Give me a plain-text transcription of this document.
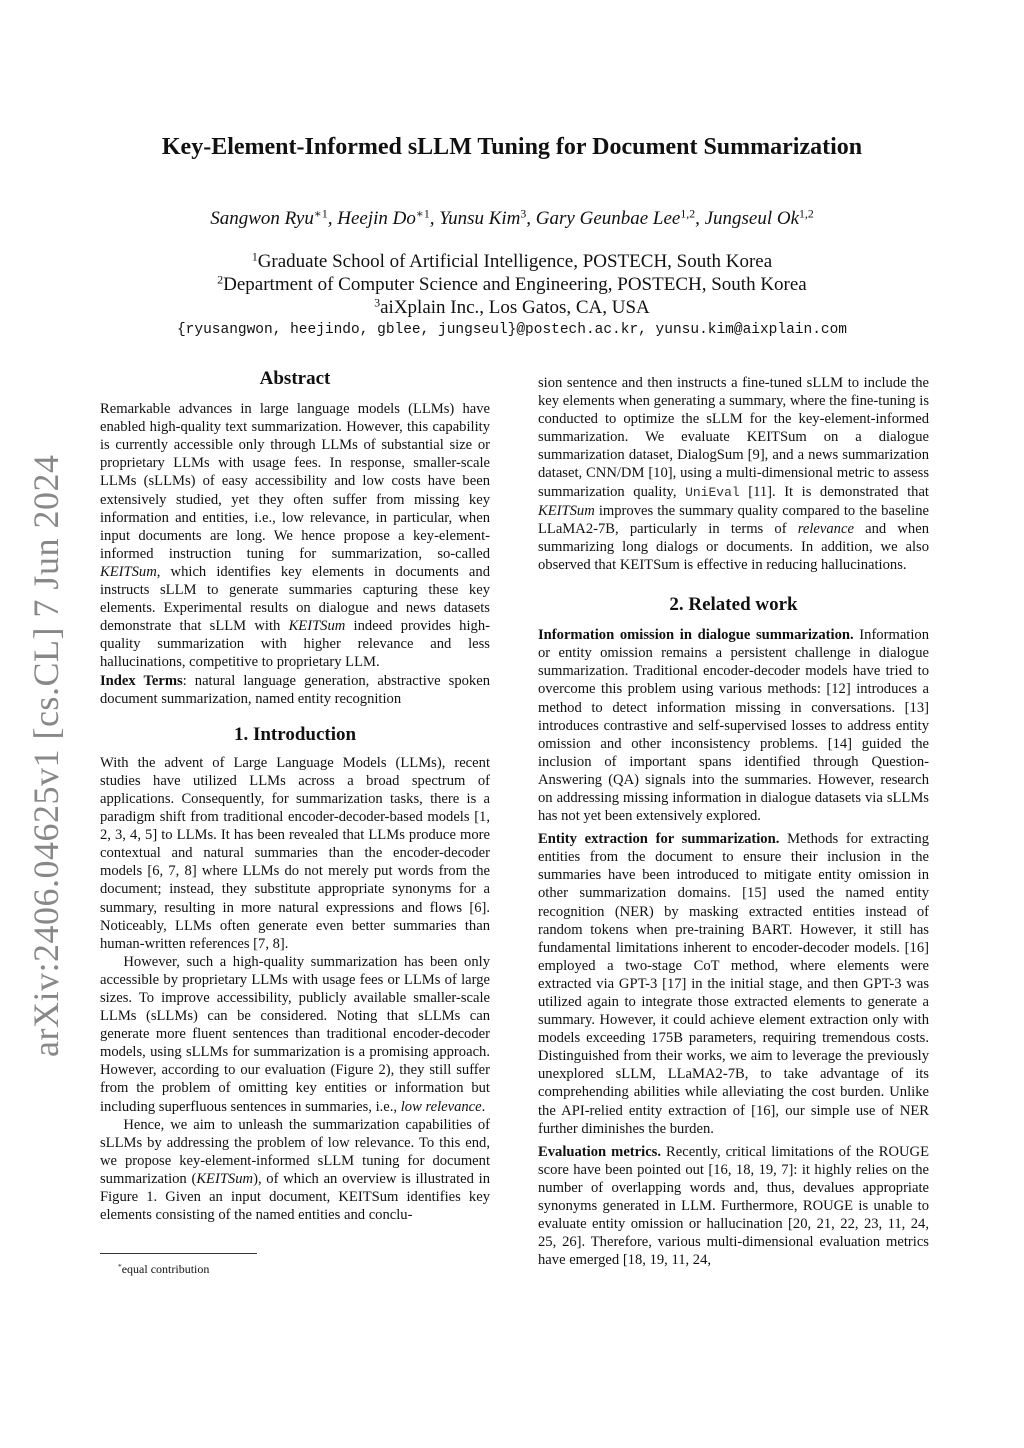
arXiv:2406.04625v1 [cs.CL] 7 Jun 2024
Key-Element-Informed sLLM Tuning for Document Summarization
Sangwon Ryu$^{∗1}$, Heejin $Do^{∗1}$, Yunsu Kim$^3$, Gary Geunbae Lee$^{1,2}$, Jungseul Ok$^{1,2}$
$^1$Graduate School of Artificial Intelligence, POSTECH, South Korea
$^2$Department of Computer Science and Engineering, POSTECH, South Korea
$^3$aiXplain Inc., Los Gatos, CA, USA
{ryusangwon, heejindo, gblee, jungseul}@postech.ac.kr, yunsu.kim@aixplain.com
Abstract

Remarkable advances in large language models (LLMs) have enabled high-quality text summarization. However, this capability is currently accessible only through LLMs of substantial size or proprietary LLMs with usage fees. In response, smaller-scale LLMs (sLLMs) of easy accessibility and low costs have been extensively studied, yet they often suffer from missing key information and entities, i.e., low relevance, in particular, when input documents are long. We hence propose a key-element-informed instruction tuning for summarization, so-called KEITSum, which identifies key elements in documents and instructs sLLM to generate summaries capturing these key elements. Experimental results on dialogue and news datasets demonstrate that sLLM with KEITSum indeed provides high-quality summarization with higher relevance and less hallucinations, competitive to proprietary LLM.

Index Terms: natural language generation, abstractive spoken document summarization, named entity recognition

1. Introduction

With the advent of Large Language Models (LLMs), recent studies have utilized LLMs across a broad spectrum of applications. Consequently, for summarization tasks, there is a paradigm shift from traditional encoder-decoder-based models [1, 2, 3, 4, 5] to LLMs. It has been revealed that LLMs produce more contextual and natural summaries than the encoder-decoder models [6, 7, 8] where LLMs do not merely put words from the document; instead, they substitute appropriate synonyms for a summary, resulting in more natural expressions and flows [6]. Noticeably, LLMs often generate even better summaries than human-written references [7, 8].

However, such a high-quality summarization has been only accessible by proprietary LLMs with usage fees or LLMs of large sizes. To improve accessibility, publicly available smaller-scale LLMs (sLLMs) can be considered. Noting that sLLMs can generate more fluent sentences than traditional encoder-decoder models, using sLLMs for summarization is a promising approach. However, according to our evaluation (Figure 2), they still suffer from the problem of omitting key entities or information but including superfluous sentences in summaries, i.e., low relevance.

Hence, we aim to unleash the summarization capabilities of sLLMs by addressing the problem of low relevance. To this end, we propose key-element-informed sLLM tuning for document summarization (KEITSum), of which an overview is illustrated in Figure 1. Given an input document, KEITSum identifies key elements consisting of the named entities and conclu-

*equal contribution

sion sentence and then instructs a fine-tuned sLLM to include the key elements when generating a summary, where the fine-tuning is conducted to optimize the sLLM for the key-element-informed summarization. We evaluate KEITSum on a dialogue summarization dataset, DialogSum [9], and a news summarization dataset, CNN/DM [10], using a multi-dimensional metric to assess summarization quality, UniEval [11]. It is demonstrated that KEITSum improves the summary quality compared to the baseline LLaMA2-7B, particularly in terms of relevance and when summarizing long dialogs or documents. In addition, we also observed that KEITSum is effective in reducing hallucinations.

2. Related work

Information omission in dialogue summarization. Information or entity omission remains a persistent challenge in dialogue summarization. Traditional encoder-decoder models have tried to overcome this problem using various methods: [12] introduces a method to detect information missing in conversations. [13] introduces contrastive and self-supervised losses to address entity omission and other inconsistency problems. [14] guided the inclusion of important spans identified through Question-Answering (QA) signals into the summaries. However, research on addressing missing information in dialogue datasets via sLLMs has not yet been extensively explored.

Entity extraction for summarization. Methods for extracting entities from the document to ensure their inclusion in the summaries have been introduced to mitigate entity omission in other summarization domains. [15] used the named entity recognition (NER) by masking extracted entities instead of random tokens when pre-training BART. However, it still has fundamental limitations inherent to encoder-decoder models. [16] employed a two-stage CoT method, where elements were extracted via GPT-3 [17] in the initial stage, and then GPT-3 was utilized again to integrate those extracted elements to generate a summary. However, it could achieve element extraction only with models exceeding 175B parameters, requiring tremendous costs. Distinguished from their works, we aim to leverage the previously unexplored sLLM, LLaMA2-7B, to take advantage of its comprehending abilities while alleviating the cost burden. Unlike the API-relied entity extraction of [16], our simple use of NER further diminishes the burden.

Evaluation metrics. Recently, critical limitations of the ROUGE score have been pointed out [16, 18, 19, 7]: it highly relies on the number of overlapping words and, thus, devalues appropriate synonyms generated in LLM. Furthermore, ROUGE is unable to evaluate entity omission or hallucination [20, 21, 22, 23, 11, 24, 25, 26]. Therefore, various multi-dimensional evaluation metrics have emerged [18, 19, 11, 24,
